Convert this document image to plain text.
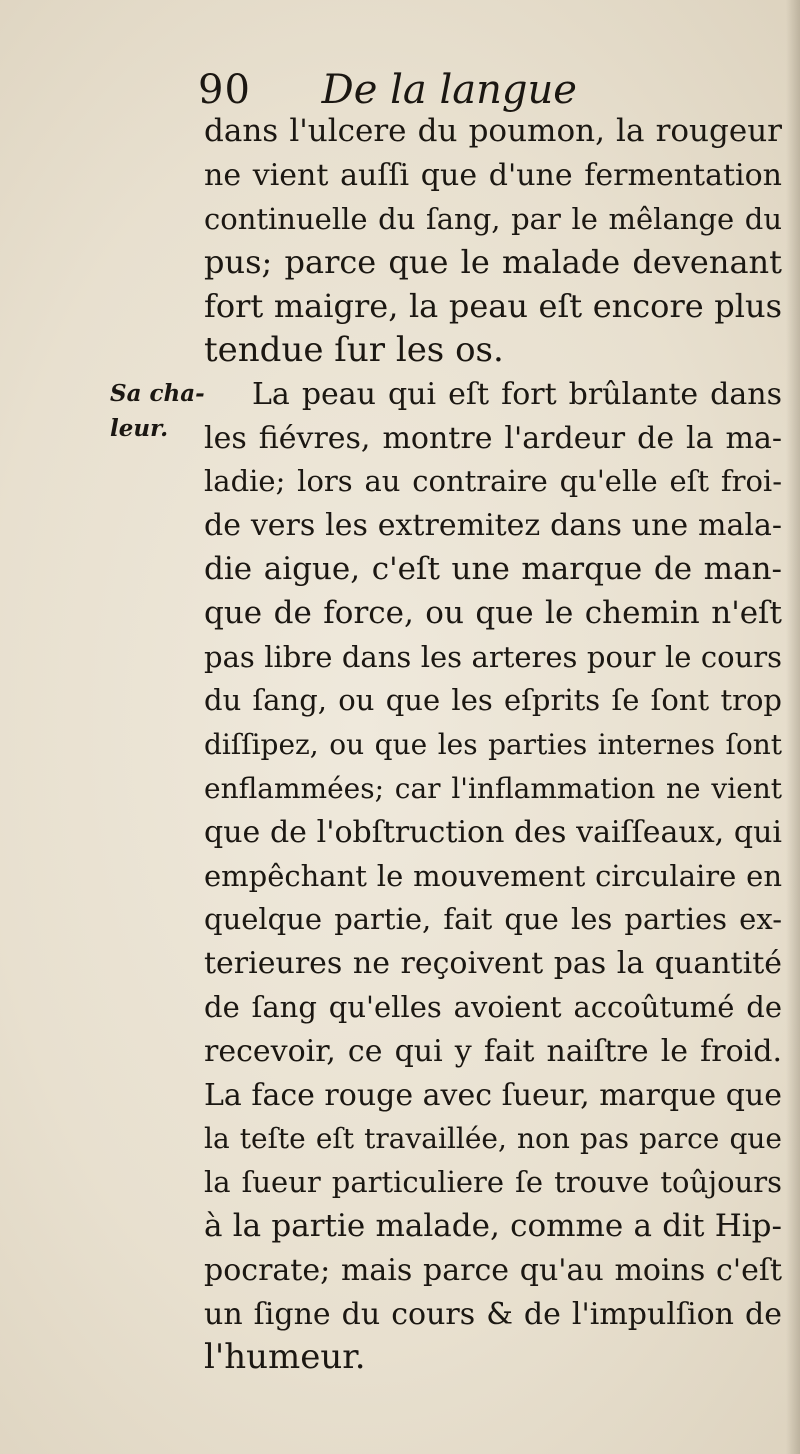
90 De la langue
Sa cha-
leur.
dans l'ulcere du poumon, la rougeur
ne vient auſſi que d'une fermentation
continuelle du ſang, par le mêlange du
pus; parce que le malade devenant
fort maigre, la peau eſt encore plus
tendue ſur les os.
La peau qui eſt fort brûlante dans
les fiévres, montre l'ardeur de la ma-
ladie; lors au contraire qu'elle eſt froi-
de vers les extremitez dans une mala-
die aigue, c'eſt une marque de man-
que de force, ou que le chemin n'eſt
pas libre dans les arteres pour le cours
du ſang, ou que les eſprits ſe ſont trop
diſſipez, ou que les parties internes ſont
enflammées; car l'inflammation ne vient
que de l'obſtruction des vaiſſeaux, qui
empêchant le mouvement circulaire en
quelque partie, fait que les parties ex-
terieures ne reçoivent pas la quantité
de ſang qu'elles avoient accoûtumé de
recevoir, ce qui y fait naiſtre le froid.
La face rouge avec ſueur, marque que
la teſte eſt travaillée, non pas parce que
la ſueur particuliere ſe trouve toûjours
à la partie malade, comme a dit Hip-
pocrate; mais parce qu'au moins c'eſt
un ſigne du cours & de l'impulſion de
l'humeur.
